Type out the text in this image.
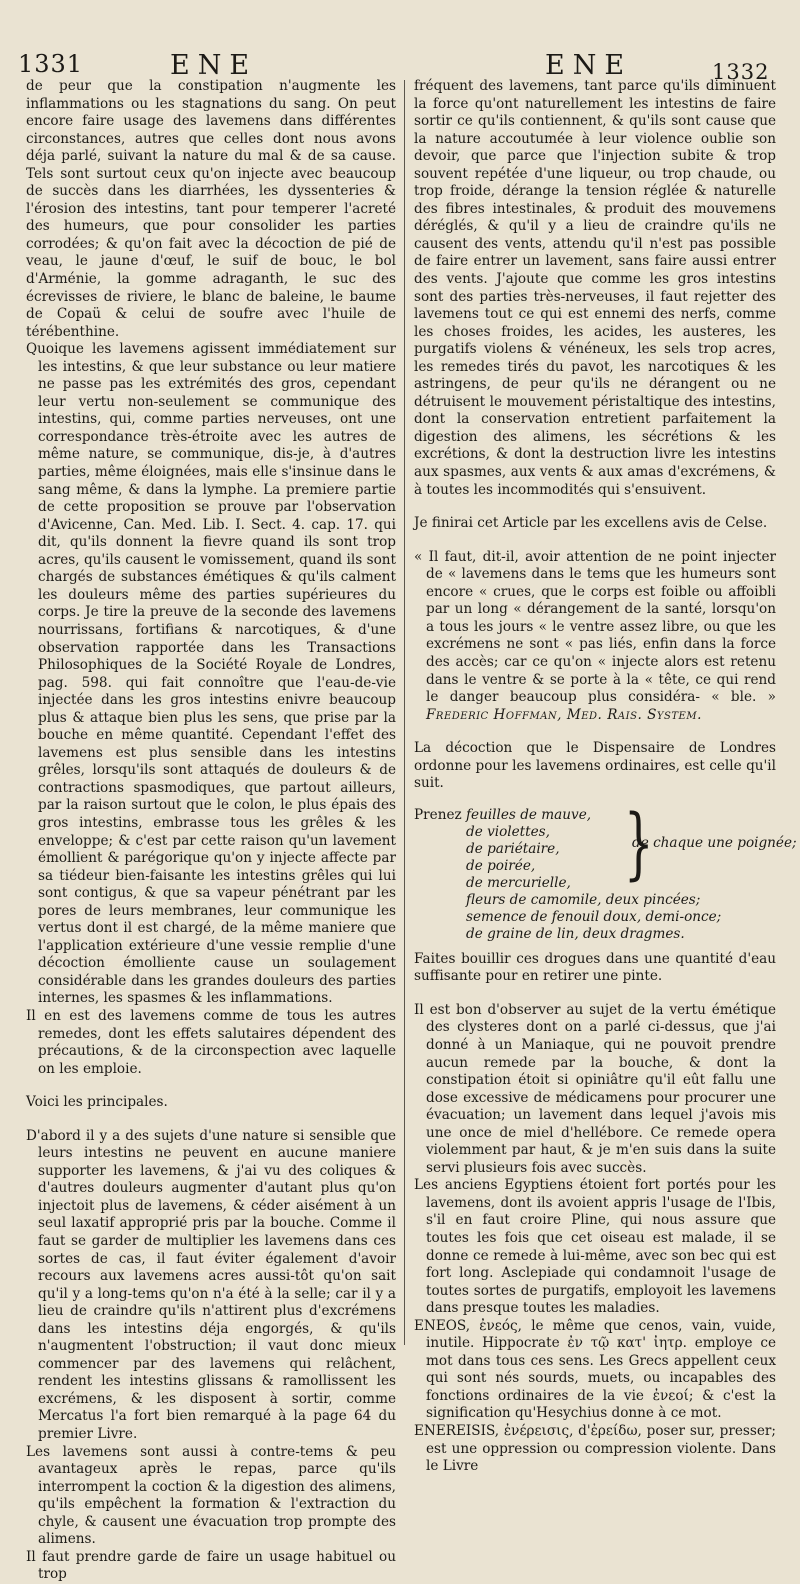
1331	ENE	ENE	1332

de peur que la constipation n'augmente les inflammations ou les stagnations du sang. On peut encore faire usage des lavemens dans différentes circonstances, autres que celles dont nous avons déja parlé, suivant la nature du mal & de sa cause. Tels sont surtout ceux qu'on injecte avec beaucoup de succès dans les diarrhées, les dyssenteries & l'érosion des intestins, tant pour temperer l'acreté des humeurs, que pour consolider les parties corrodées; & qu'on fait avec la décoction de pié de veau, le jaune d'œuf, le suif de bouc, le bol d'Arménie, la gomme adraganth, le suc des écrevisses de riviere, le blanc de baleine, le baume de Copaü & celui de soufre avec l'huile de térébenthine.

Quoique les lavemens agissent immédiatement sur les intestins, & que leur substance ou leur matiere ne passe pas les extrémités des gros, cependant leur vertu non-seulement se communique des intestins, qui, comme parties nerveuses, ont une correspondance très-étroite avec les autres de même nature, se communique, dis-je, à d'autres parties, même éloignées, mais elle s'insinue dans le sang même, & dans la lymphe. La premiere partie de cette proposition se prouve par l'observation d'Avicenne, Can. Med. Lib. I. Sect. 4. cap. 17. qui dit, qu'ils donnent la fievre quand ils sont trop acres, qu'ils causent le vomissement, quand ils sont chargés de substances émétiques & qu'ils calment les douleurs même des parties supérieures du corps. Je tire la preuve de la seconde des lavemens nourrissans, fortifians & narcotiques, & d'une observation rapportée dans les Transactions Philosophiques de la Société Royale de Londres, pag. 598. qui fait connoître que l'eau-de-vie injectée dans les gros intestins enivre beaucoup plus & attaque bien plus les sens, que prise par la bouche en même quantité. Cependant l'effet des lavemens est plus sensible dans les intestins grêles, lorsqu'ils sont attaqués de douleurs & de contractions spasmodiques, que partout ailleurs, par la raison surtout que le colon, le plus épais des gros intestins, embrasse tous les grêles & les enveloppe; & c'est par cette raison qu'un lavement émollient & parégorique qu'on y injecte affecte par sa tiédeur bien-faisante les intestins grêles qui lui sont contigus, & que sa vapeur pénétrant par les pores de leurs membranes, leur communique les vertus dont il est chargé, de la même maniere que l'application extérieure d'une vessie remplie d'une décoction émolliente cause un soulagement considérable dans les grandes douleurs des parties internes, les spasmes & les inflammations.

Il en est des lavemens comme de tous les autres remedes, dont les effets salutaires dépendent des précautions, & de la circonspection avec laquelle on les emploie.

Voici les principales.

D'abord il y a des sujets d'une nature si sensible que leurs intestins ne peuvent en aucune maniere supporter les lavemens, & j'ai vu des coliques & d'autres douleurs augmenter d'autant plus qu'on injectoit plus de lavemens, & céder aisément à un seul laxatif approprié pris par la bouche. Comme il faut se garder de multiplier les lavemens dans ces sortes de cas, il faut éviter également d'avoir recours aux lavemens acres aussi-tôt qu'on sait qu'il y a long-tems qu'on n'a été à la selle; car il y a lieu de craindre qu'ils n'attirent plus d'excrémens dans les intestins déja engorgés, & qu'ils n'augmentent l'obstruction; il vaut donc mieux commencer par des lavemens qui relâchent, rendent les intestins glissans & ramollissent les excrémens, & les disposent à sortir, comme Mercatus l'a fort bien remarqué à la page 64 du premier Livre.

Les lavemens sont aussi à contre-tems & peu avantageux après le repas, parce qu'ils interrompent la coction & la digestion des alimens, qu'ils empêchent la formation & l'extraction du chyle, & causent une évacuation trop prompte des alimens.

Il faut prendre garde de faire un usage habituel ou trop

fréquent des lavemens, tant parce qu'ils diminuent la force qu'ont naturellement les intestins de faire sortir ce qu'ils contiennent, & qu'ils sont cause que la nature accoutumée à leur violence oublie son devoir, que parce que l'injection subite & trop souvent repétée d'une liqueur, ou trop chaude, ou trop froide, dérange la tension réglée & naturelle des fibres intestinales, & produit des mouvemens déréglés, & qu'il y a lieu de craindre qu'ils ne causent des vents, attendu qu'il n'est pas possible de faire entrer un lavement, sans faire aussi entrer des vents. J'ajoute que comme les gros intestins sont des parties très-nerveuses, il faut rejetter des lavemens tout ce qui est ennemi des nerfs, comme les choses froides, les acides, les austeres, les purgatifs violens & vénéneux, les sels trop acres, les remedes tirés du pavot, les narcotiques & les astringens, de peur qu'ils ne dérangent ou ne détruisent le mouvement péristaltique des intestins, dont la conservation entretient parfaitement la digestion des alimens, les sécrétions & les excrétions, & dont la destruction livre les intestins aux spasmes, aux vents & aux amas d'excrémens, & à toutes les incommodités qui s'ensuivent.

Je finirai cet Article par les excellens avis de Celse.

« Il faut, dit-il, avoir attention de ne point injecter de « lavemens dans le tems que les humeurs sont encore « crues, que le corps est foible ou affoibli par un long « dérangement de la santé, lorsqu'on a tous les jours « le ventre assez libre, ou que les excrémens ne sont « pas liés, enfin dans la force des accès; car ce qu'on « injecte alors est retenu dans le ventre & se porte à la « tête, ce qui rend le danger beaucoup plus considéra- « ble. » Frederic Hoffman, Med. Rais. System.

La décoction que le Dispensaire de Londres ordonne pour les lavemens ordinaires, est celle qu'il suit.

Prenez feuilles de mauve,
de violettes,
de pariétaire,
de poirée,
de mercurielle,
fleurs de camomile, deux pincées;
semence de fenouil doux, demi-once;
de graine de lin, deux dragmes.
}
de chaque une poignée;

Faites bouillir ces drogues dans une quantité d'eau suffisante pour en retirer une pinte.

Il est bon d'observer au sujet de la vertu émétique des clysteres dont on a parlé ci-dessus, que j'ai donné à un Maniaque, qui ne pouvoit prendre aucun remede par la bouche, & dont la constipation étoit si opiniâtre qu'il eût fallu une dose excessive de médicamens pour procurer une évacuation; un lavement dans lequel j'avois mis une once de miel d'hellébore. Ce remede opera violemment par haut, & je m'en suis dans la suite servi plusieurs fois avec succès.

Les anciens Egyptiens étoient fort portés pour les lavemens, dont ils avoient appris l'usage de l'Ibis, s'il en faut croire Pline, qui nous assure que toutes les fois que cet oiseau est malade, il se donne ce remede à lui-même, avec son bec qui est fort long. Asclepiade qui condamnoit l'usage de toutes sortes de purgatifs, employoit les lavemens dans presque toutes les maladies.

ENEOS, ἐνεός, le même que cenos, vain, vuide, inutile. Hippocrate ἐν τῷ κατ' ἰητρ. employe ce mot dans tous ces sens. Les Grecs appellent ceux qui sont nés sourds, muets, ou incapables des fonctions ordinaires de la vie ἐνεοί; & c'est la signification qu'Hesychius donne à ce mot.

ENEREISIS, ἐνέρεισις, d'ἐρείδω, poser sur, presser; est une oppression ou compression violente. Dans le Livre
